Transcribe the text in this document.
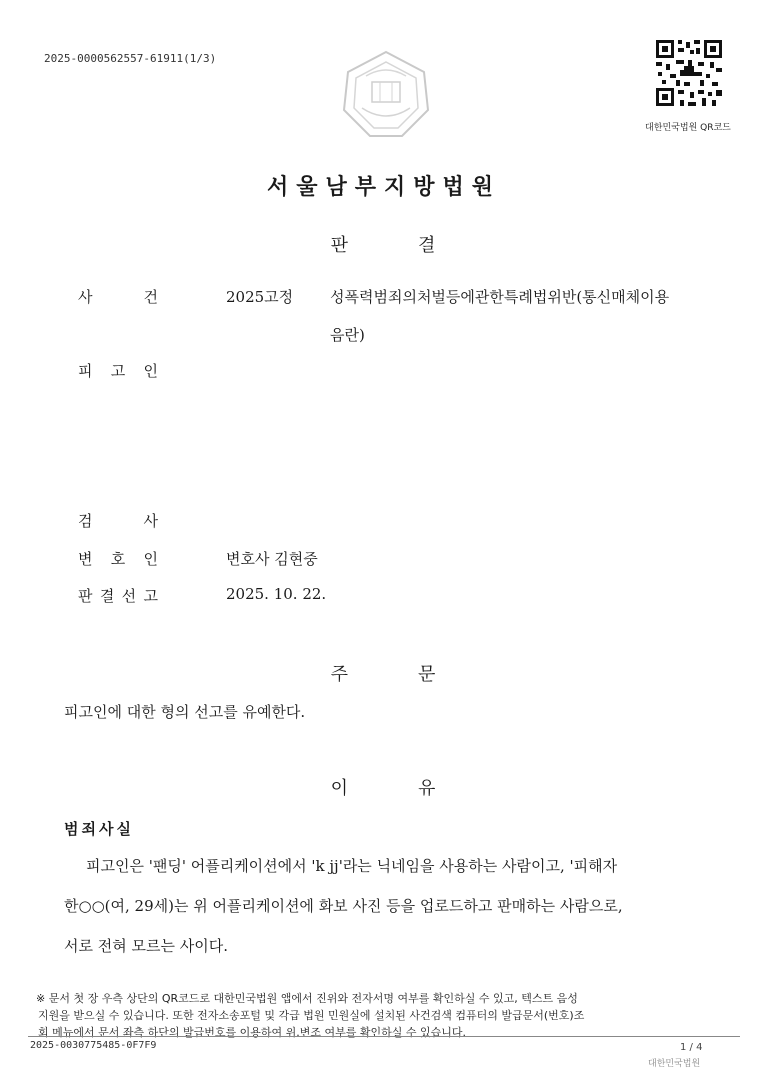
2025-0000562557-61911(1/3)
대한민국법원 QR코드
서울남부지방법원
판	결
사	건	2025고정 성폭력범죄의처벌등에관한특례법위반(통신매체이용
음란)
피 고 인
검	사
변 호 인	변호사 김현중
판 결 선 고	2025. 10. 22.
주	문
피고인에 대한 형의 선고를 유예한다.
이	유
범죄사실
피고인은 '팬딩' 어플리케이션에서 'k jj'라는 닉네임을 사용하는 사람이고, '피해자
한○○(여, 29세)는 위 어플리케이션에 화보 사진 등을 업로드하고 판매하는 사람으로,
서로 전혀 모르는 사이다.
※ 문서 첫 장 우측 상단의 QR코드로 대한민국법원 앱에서 진위와 전자서명 여부를 확인하실 수 있고, 텍스트 음성
지원을 받으실 수 있습니다. 또한 전자소송포털 및 각급 법원 민원실에 설치된 사건검색 컴퓨터의 발급문서(번호)조
회 메뉴에서 문서 좌측 하단의 발급번호를 이용하여 위.변조 여부를 확인하실 수 있습니다.
2025-0030775485-0F7F9	1 / 4
대한민국법원
